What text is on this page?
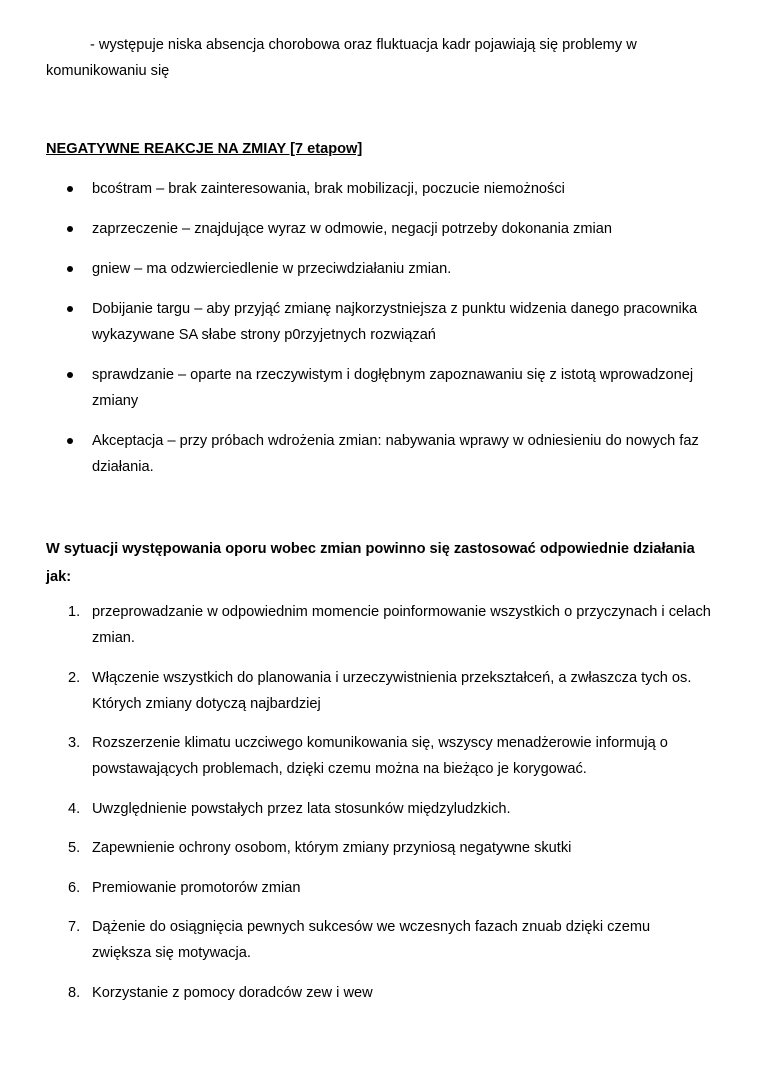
- występuje niska absencja chorobowa oraz fluktuacja kadr pojawiają się problemy w komunikowaniu się

NEGATYWNE REAKCJE NA ZMIAY [7 etapow]

bcośtram – brak zainteresowania, brak mobilizacji, poczucie niemożności
zaprzeczenie – znajdujące wyraz w odmowie, negacji potrzeby dokonania zmian
gniew – ma odzwierciedlenie w przeciwdziałaniu zmian.
Dobijanie targu – aby przyjąć zmianę najkorzystniejsza z punktu widzenia danego pracownika wykazywane SA słabe strony p0rzyjetnych rozwiązań
sprawdzanie – oparte na rzeczywistym i dogłębnym zapoznawaniu się z istotą wprowadzonej zmiany
Akceptacja – przy próbach wdrożenia zmian: nabywania wprawy w odniesieniu do nowych faz działania.

W sytuacji występowania oporu wobec zmian powinno się zastosować odpowiednie działania jak:

1. przeprowadzanie w odpowiednim momencie poinformowanie wszystkich o przyczynach i celach zmian.
2. Włączenie wszystkich do planowania i urzeczywistnienia przekształceń, a zwłaszcza tych os. Których zmiany dotyczą najbardziej
3. Rozszerzenie klimatu uczciwego komunikowania się, wszyscy menadżerowie informują o powstawających problemach, dzięki czemu można na bieżąco je korygować.
4. Uwzględnienie powstałych przez lata stosunków międzyludzkich.
5. Zapewnienie ochrony osobom, którym zmiany przyniosą negatywne skutki
6. Premiowanie promotorów zmian
7. Dążenie do osiągnięcia pewnych sukcesów we wczesnych fazach znuab dzięki czemu zwiększa się motywacja.
8. Korzystanie z pomocy doradców zew i wew
